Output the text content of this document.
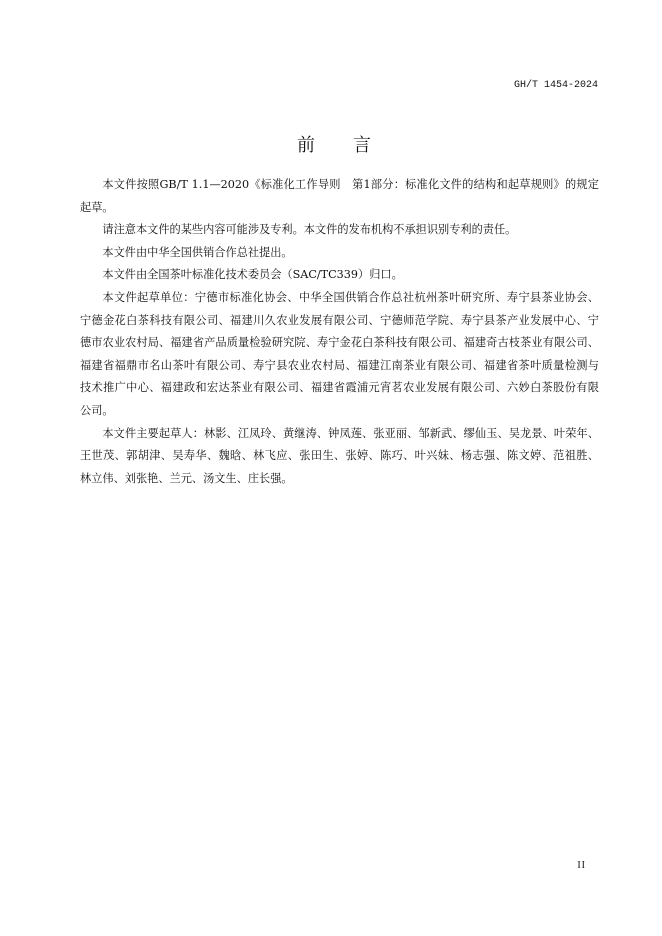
GH/T 1454-2024
前言
本文件按照GB/T 1.1—2020《标准化工作导则　第1部分：标准化文件的结构和起草规则》的规定
起草。
请注意本文件的某些内容可能涉及专利。本文件的发布机构不承担识别专利的责任。
本文件由中华全国供销合作总社提出。
本文件由全国茶叶标准化技术委员会（SAC/TC339）归口。
本文件起草单位：宁德市标准化协会、中华全国供销合作总社杭州茶叶研究所、寿宁县茶业协会、
宁德金花白茶科技有限公司、福建川久农业发展有限公司、宁德师范学院、寿宁县茶产业发展中心、宁
德市农业农村局、福建省产品质量检验研究院、寿宁金花白茶科技有限公司、福建奇古枝茶业有限公司、
福建省福鼎市名山茶叶有限公司、寿宁县农业农村局、福建江南茶业有限公司、福建省茶叶质量检测与
技术推广中心、福建政和宏达茶业有限公司、福建省霞浦元宵茗农业发展有限公司、六妙白茶股份有限
公司。
本文件主要起草人：林影、江凤玲、黄继涛、钟凤莲、张亚丽、邹新武、缪仙玉、吴龙景、叶荣年、
王世茂、郭胡津、吴寿华、魏晗、林飞应、张田生、张婷、陈巧、叶兴妹、杨志强、陈文婷、范祖胜、
林立伟、刘张艳、兰元、汤文生、庄长强。
II
